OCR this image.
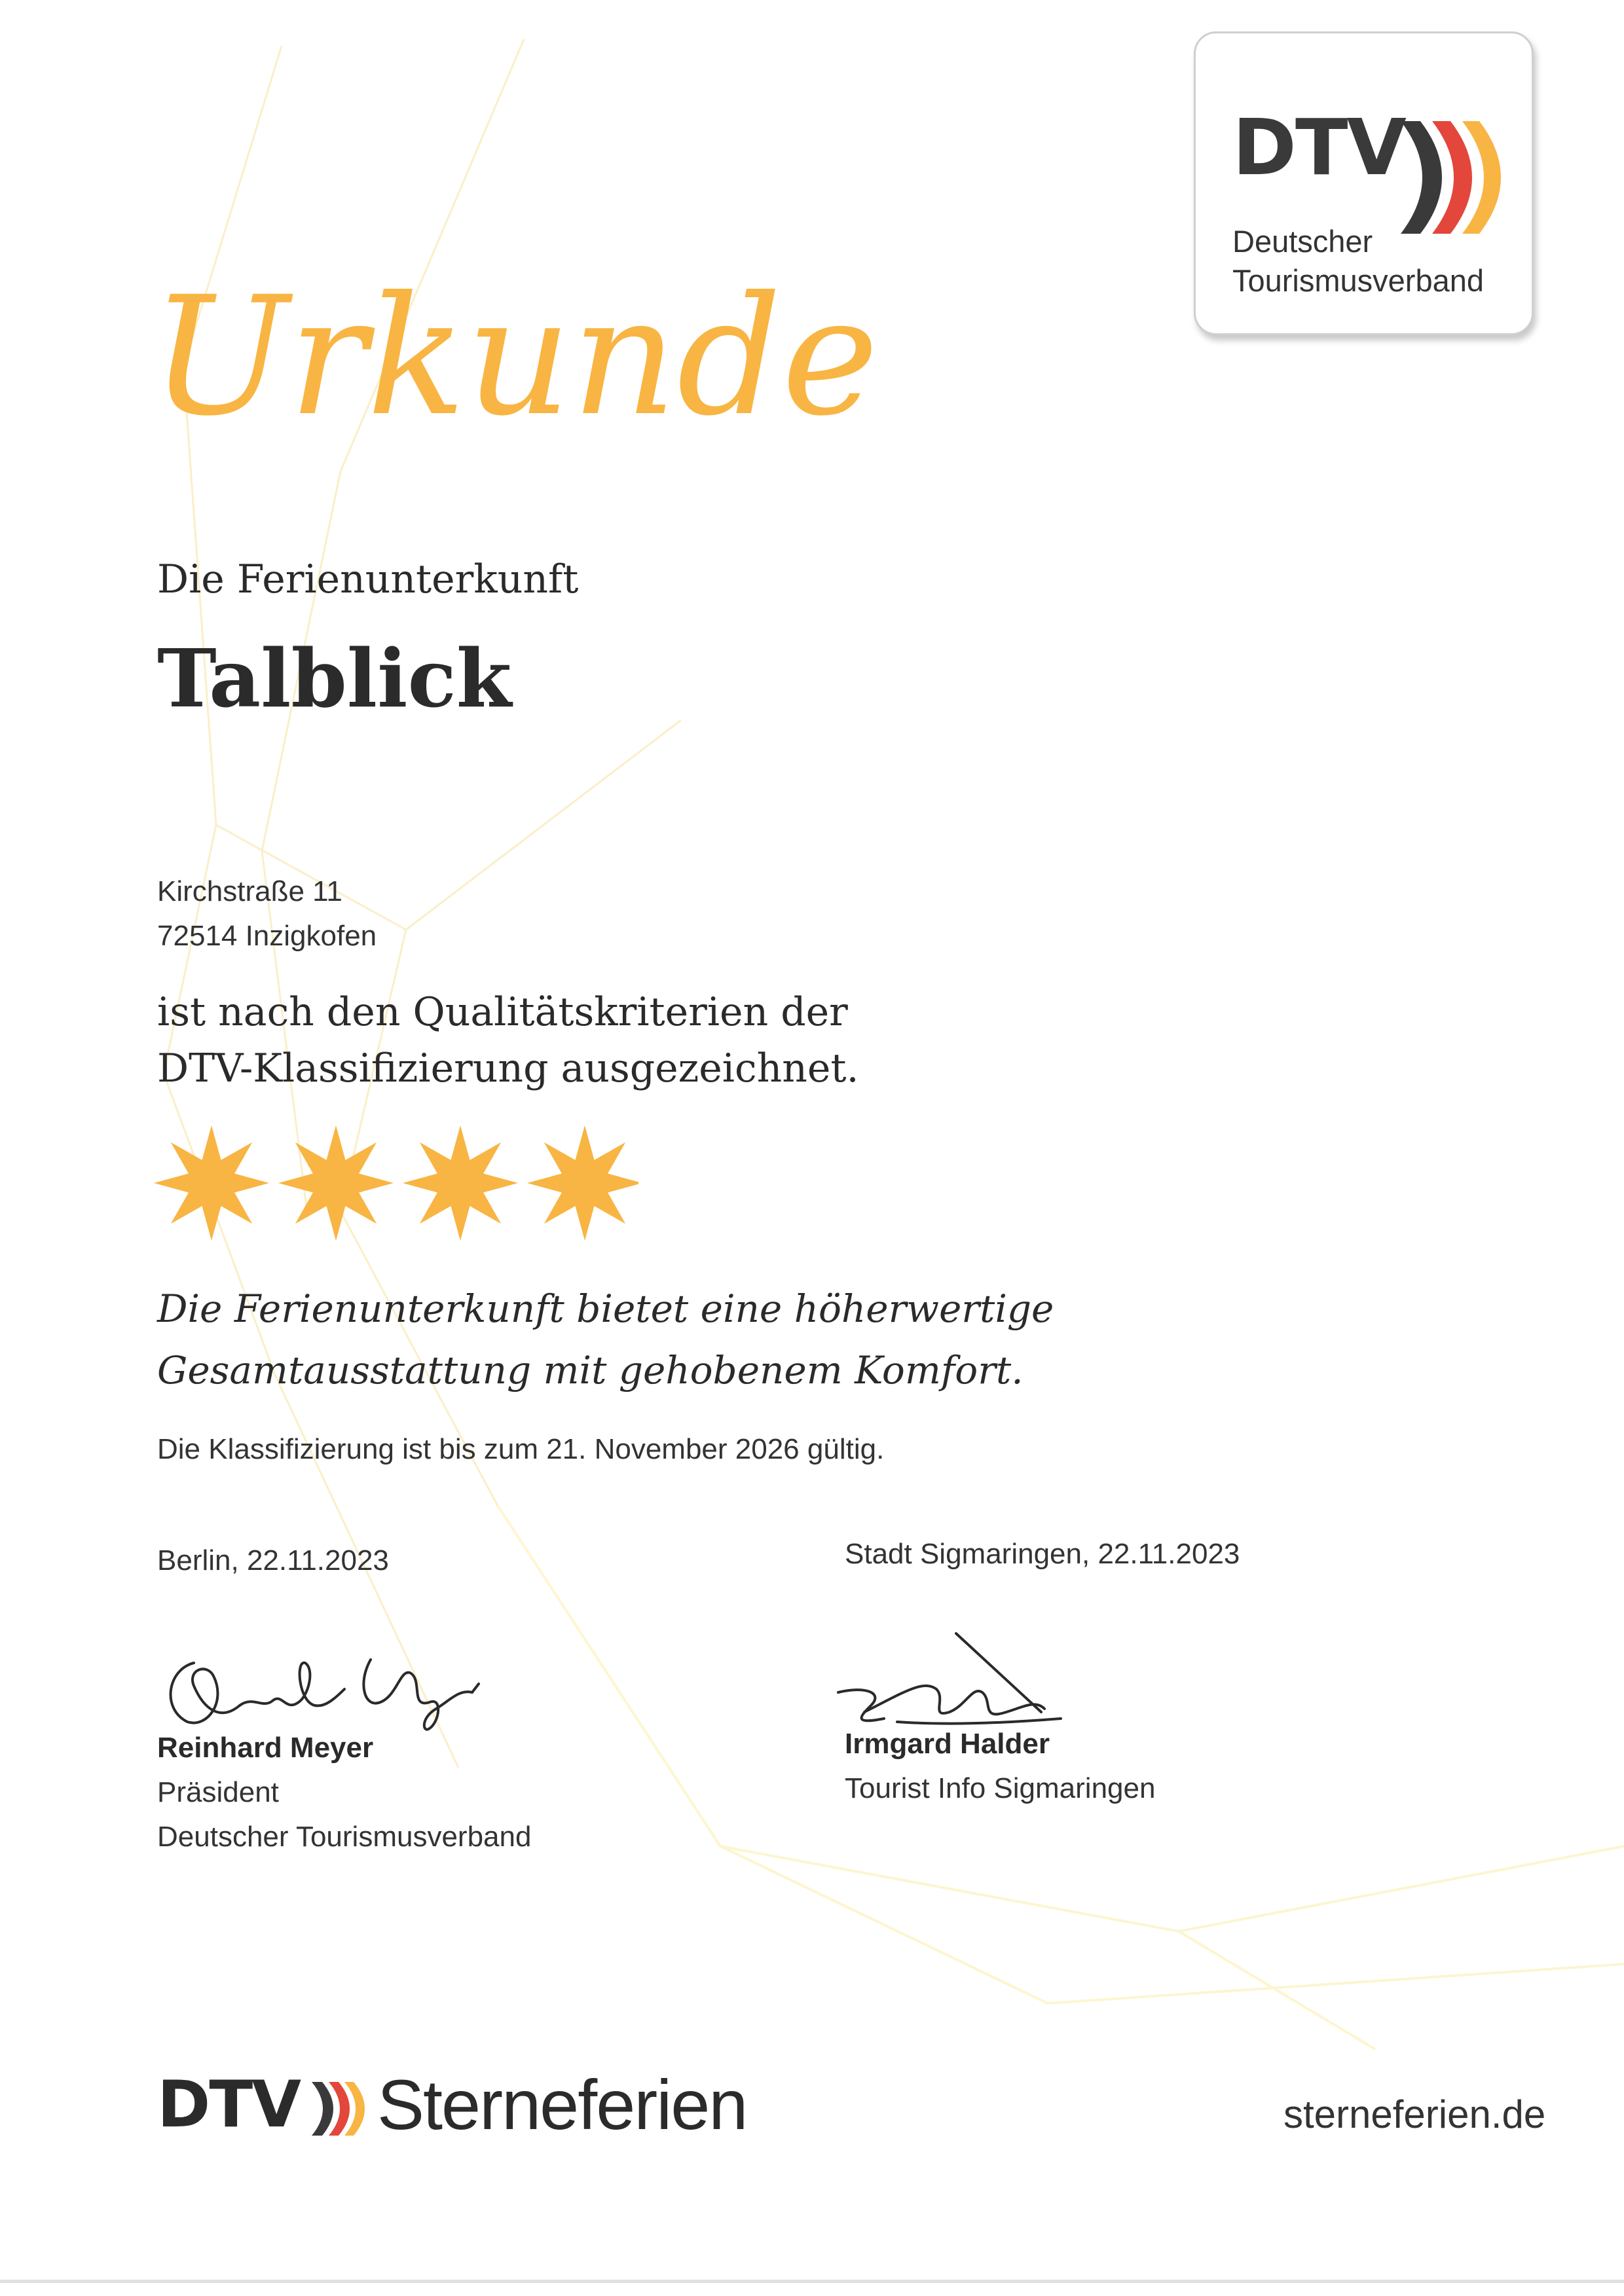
DTV
Deutscher
Tourismusverband
Urkunde
Die Ferienunterkunft
Talblick
Kirchstraße 11
72514 Inzigkofen
ist nach den Qualitätskriterien der
DTV-Klassifizierung ausgezeichnet.
Die Ferienunterkunft bietet eine höherwertige
Gesamtausstattung mit gehobenem Komfort.
Die Klassifizierung ist bis zum 21. November 2026 gültig.
Berlin, 22.11.2023	Stadt Sigmaringen, 22.11.2023
Reinhard Meyer
Präsident
Deutscher Tourismusverband
Irmgard Halder
Tourist Info Sigmaringen
DTV Sterneferien	sterneferien.de
